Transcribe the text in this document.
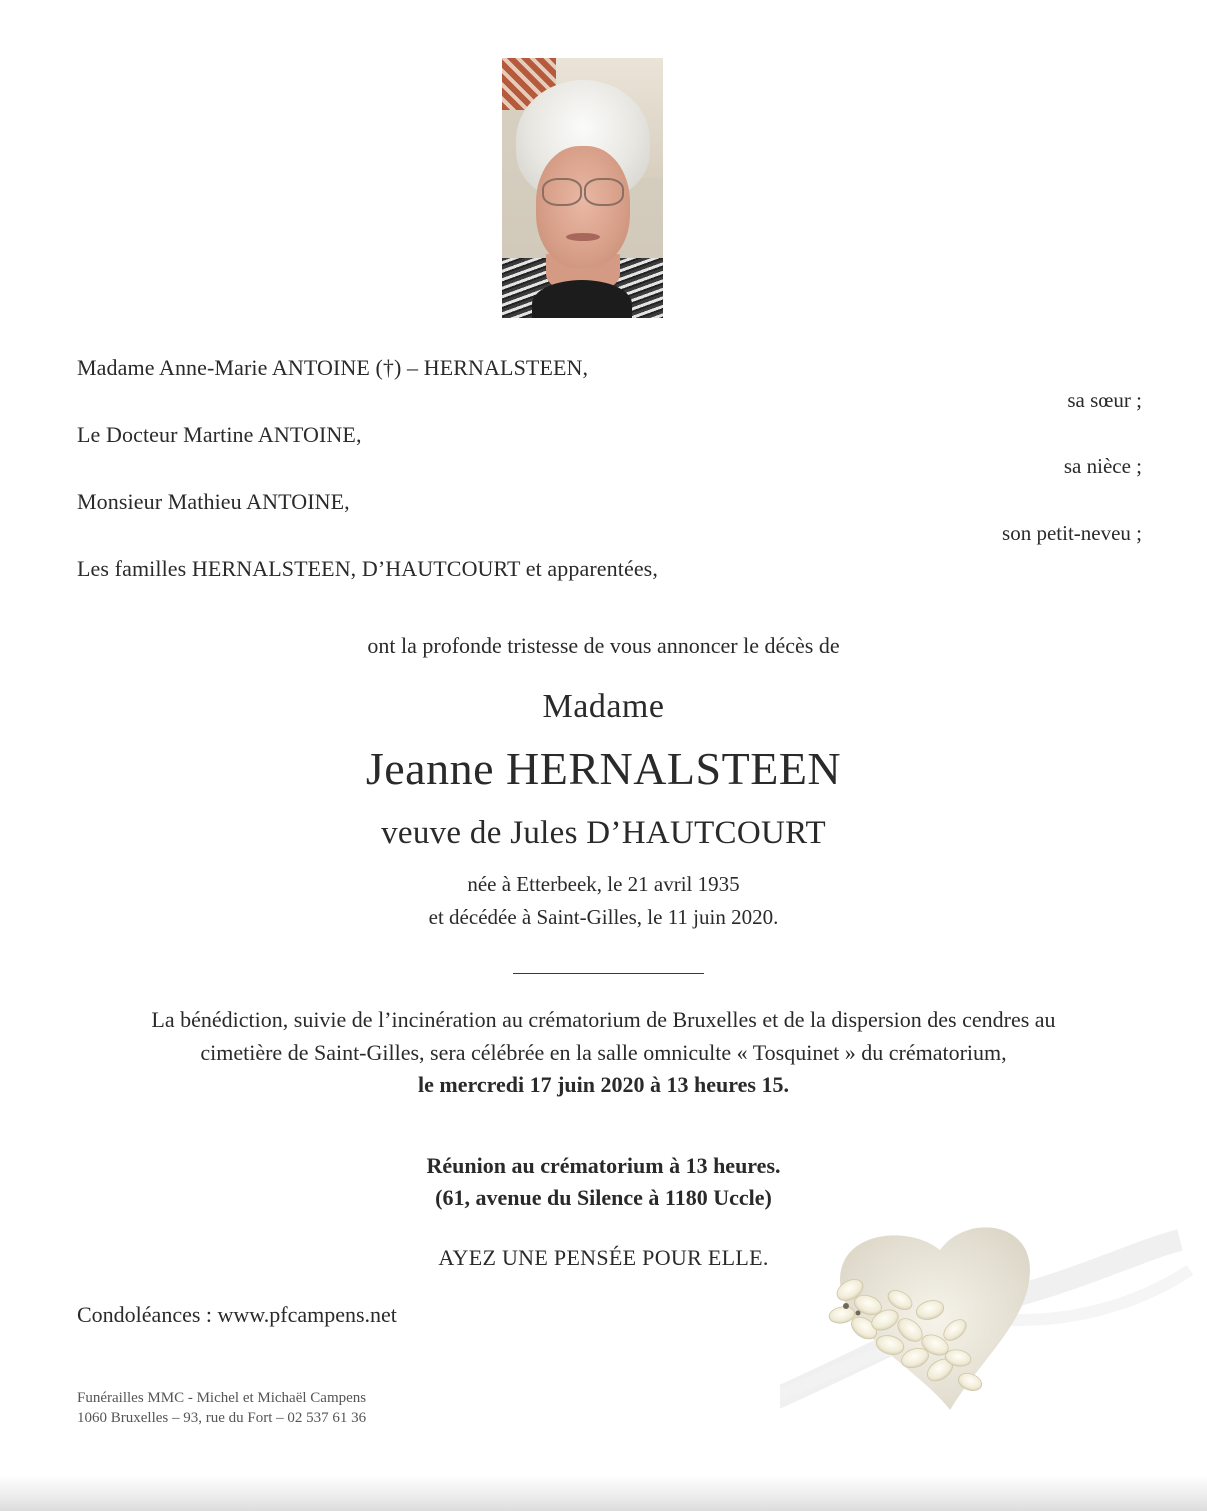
Madame Anne-Marie ANTOINE (†) – HERNALSTEEN,
sa sœur ;
Le Docteur Martine ANTOINE,
sa nièce ;
Monsieur Mathieu ANTOINE,
son petit-neveu ;
Les familles HERNALSTEEN, D’HAUTCOURT et apparentées,
ont la profonde tristesse de vous annoncer le décès de
Madame
Jeanne HERNALSTEEN
veuve de Jules D’HAUTCOURT
née à Etterbeek, le 21 avril 1935
et décédée à Saint-Gilles, le 11 juin 2020.
La bénédiction, suivie de l’incinération au crématorium de Bruxelles et de la dispersion des cendres au
cimetière de Saint-Gilles, sera célébrée en la salle omniculte « Tosquinet » du crématorium,
le mercredi 17 juin 2020 à 13 heures 15.
Réunion au crématorium à 13 heures.
(61, avenue du Silence à 1180 Uccle)
AYEZ UNE PENSÉE POUR ELLE.
Condoléances : www.pfcampens.net
Funérailles MMC - Michel et Michaël Campens
1060 Bruxelles – 93, rue du Fort – 02 537 61 36
